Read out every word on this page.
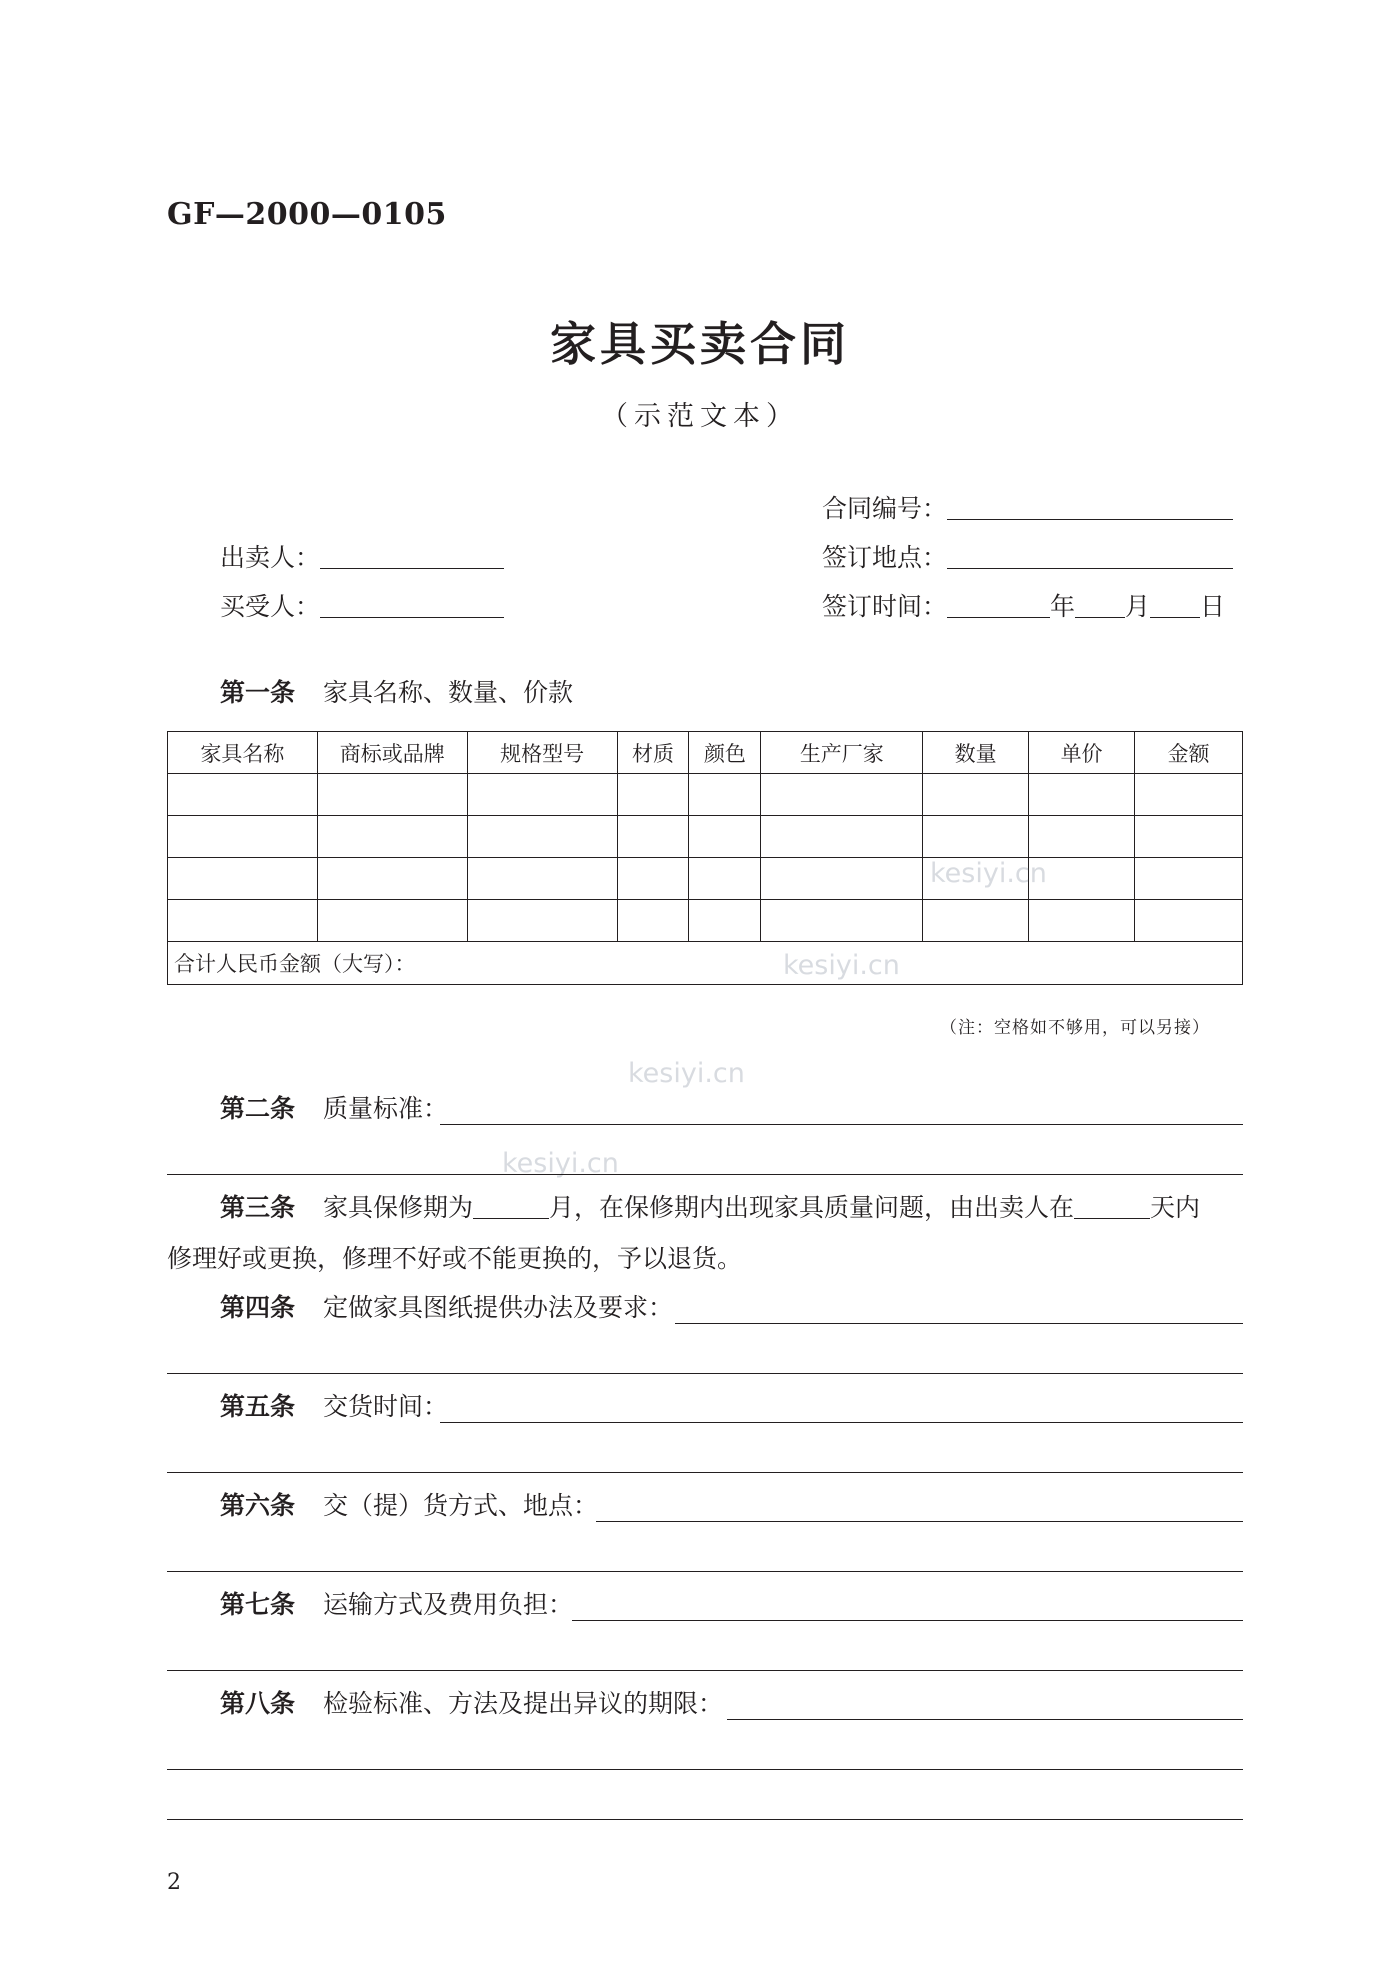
GF—2000—0105
家具买卖合同
（示范文本）
合同编号：
出卖人：	签订地点：
买受人：	签订时间：	年 月 日
第一条 家具名称、数量、价款
家具名称	商标或品牌	规格型号	材质	颜色	生产厂家	数量	单价	金额

合计人民币金额（大写）：								
（注：空格如不够用，可以另接）
kesiyi.cn
kesiyi.cn
kesiyi.cn
kesiyi.cn
第二条 质量标准：
第三条 家具保修期为	月，在保修期内出现家具质量问题，由出卖人在	天内
修理好或更换，修理不好或不能更换的，予以退货。
第四条 定做家具图纸提供办法及要求：
第五条 交货时间：
第六条 交（提）货方式、地点：
第七条 运输方式及费用负担：
第八条 检验标准、方法及提出异议的期限：
2
